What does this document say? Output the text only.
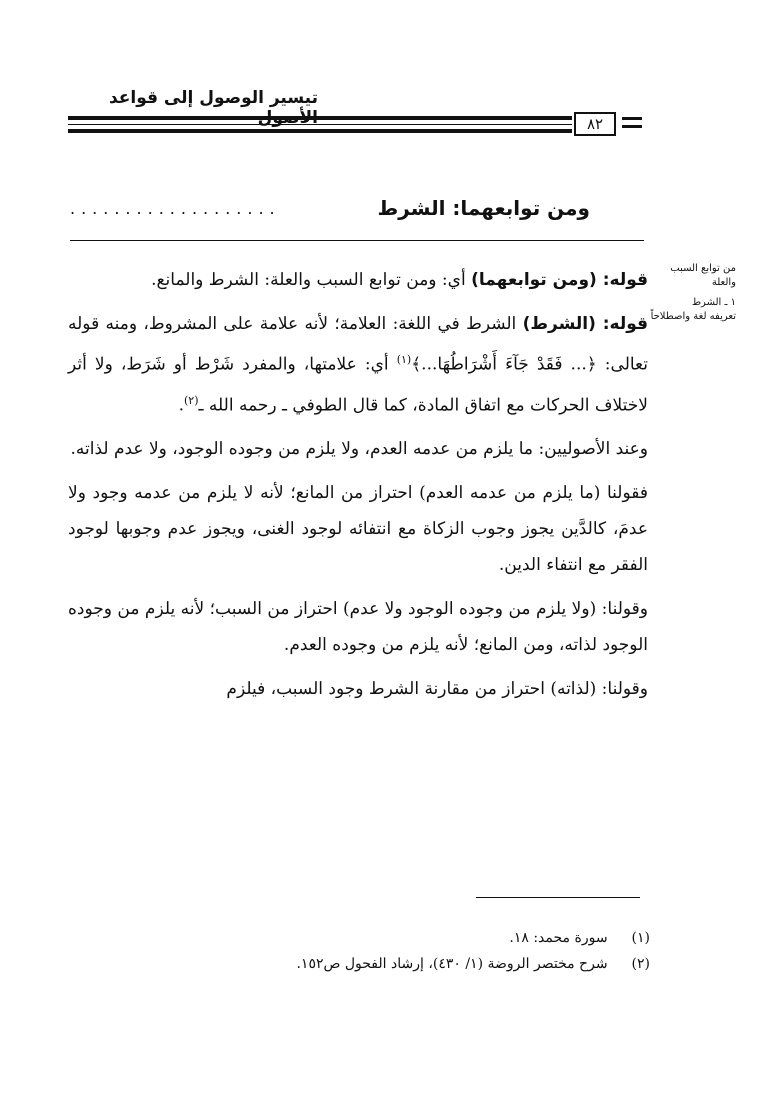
تيسير الوصول إلى قواعد
٨٢
ومن توابعهما: الشرط
...................
من توابع السبب والعلة
١ ـ الشرط
تعريفه لغة واصطلاحاً

قوله: (ومن توابعهما) أي: ومن توابع السبب والعلة: الشرط والمانع.

قوله: (الشرط) الشرط في اللغة: العلامة؛ لأنه علامة على المشروط، ومنه قوله تعالى: ﴿... فَقَدْ جَآءَ أَشْرَاطُهَا...﴾$^{(١)}$ أي: علامتها، والمفرد شَرْط أو شَرَط، ولا أثر لاختلاف الحركات مع اتفاق المادة، كما قال الطوفي ـ رحمه الله ـ$^{(٢)}$.

وعند الأصوليين: ما يلزم من عدمه العدم، ولا يلزم من وجوده الوجود، ولا عدم لذاته.

فقولنا (ما يلزم من عدمه العدم) احتراز من المانع؛ لأنه لا يلزم من عدمه وجود ولا عدمَ، كالدَّين يجوز وجوب الزكاة مع انتفائه لوجود الغنى، ويجوز عدم وجوبها لوجود الفقر مع انتفاء الدين.

وقولنا: (ولا يلزم من وجوده الوجود ولا عدم) احتراز من السبب؛ لأنه يلزم من وجوده الوجود لذاته، ومن المانع؛ لأنه يلزم من وجوده العدم.

وقولنا: (لذاته) احتراز من مقارنة الشرط وجود السبب، فيلزم

(١) سورة محمد: ١٨.
(٢) شرح مختصر الروضة (١/ ٤٣٠)، إرشاد الفحول ص١٥٢.
